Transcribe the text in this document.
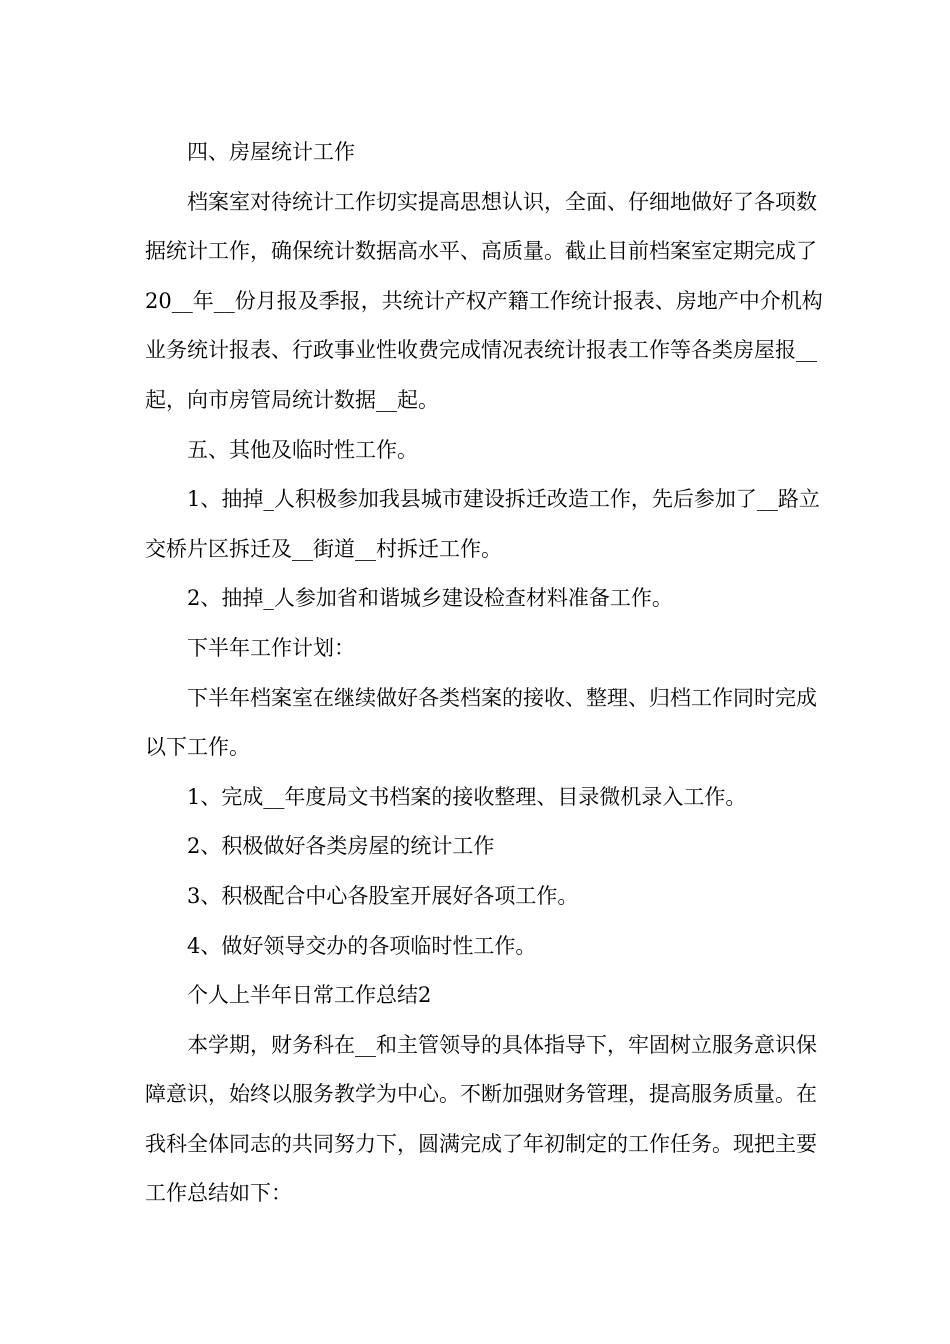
四、房屋统计工作

档案室对待统计工作切实提高思想认识，全面、仔细地做好了各项数据统计工作，确保统计数据高水平、高质量。截止目前档案室定期完成了20__年__份月报及季报，共统计产权产籍工作统计报表、房地产中介机构业务统计报表、行政事业性收费完成情况表统计报表工作等各类房屋报__起，向市房管局统计数据__起。

五、其他及临时性工作。

1、抽掉_人积极参加我县城市建设拆迁改造工作，先后参加了__路立交桥片区拆迁及__街道__村拆迁工作。

2、抽掉_人参加省和谐城乡建设检查材料准备工作。

下半年工作计划：

下半年档案室在继续做好各类档案的接收、整理、归档工作同时完成以下工作。

1、完成__年度局文书档案的接收整理、目录微机录入工作。

2、积极做好各类房屋的统计工作

3、积极配合中心各股室开展好各项工作。

4、做好领导交办的各项临时性工作。

个人上半年日常工作总结2

本学期，财务科在__和主管领导的具体指导下，牢固树立服务意识保障意识，始终以服务教学为中心。不断加强财务管理，提高服务质量。在我科全体同志的共同努力下，圆满完成了年初制定的工作任务。现把主要工作总结如下：
